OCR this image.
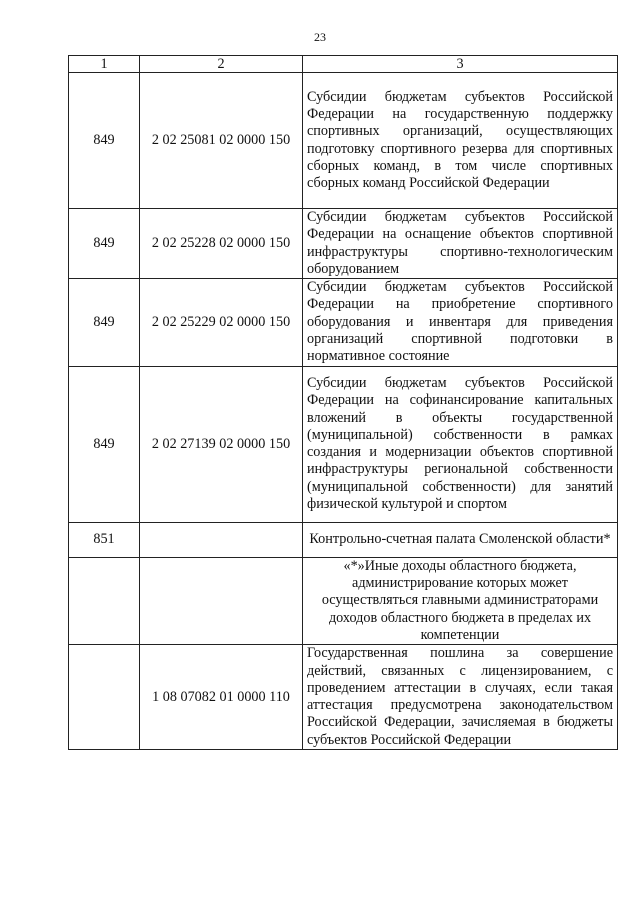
23
1	2	3
849	2 02 25081 02 0000 150	Субсидии бюджетам субъектов Российской Федерации на государственную поддержку спортивных организаций, осуществляющих подготовку спортивного резерва для спортивных сборных команд, в том числе спортивных сборных команд Российской Федерации
849	2 02 25228 02 0000 150	Субсидии бюджетам субъектов Российской Федерации на оснащение объектов спортивной инфраструктуры спортивно-технологическим оборудованием
849	2 02 25229 02 0000 150	Субсидии бюджетам субъектов Российской Федерации на приобретение спортивного оборудования и инвентаря для приведения организаций спортивной подготовки в нормативное состояние
849	2 02 27139 02 0000 150	Субсидии бюджетам субъектов Российской Федерации на софинансирование капитальных вложений в объекты государственной (муниципальной) собственности в рамках создания и модернизации объектов спортивной инфраструктуры региональной собственности (муниципальной собственности) для занятий физической культурой и спортом
851		Контрольно-счетная палата Смоленской области*
		«*»Иные доходы областного бюджета, администрирование которых может осуществляться главными администраторами доходов областного бюджета в пределах их компетенции
	1 08 07082 01 0000 110	Государственная пошлина за совершение действий, связанных с лицензированием, с проведением аттестации в случаях, если такая аттестация предусмотрена законодательством Российской Федерации, зачисляемая в бюджеты субъектов Российской Федерации
